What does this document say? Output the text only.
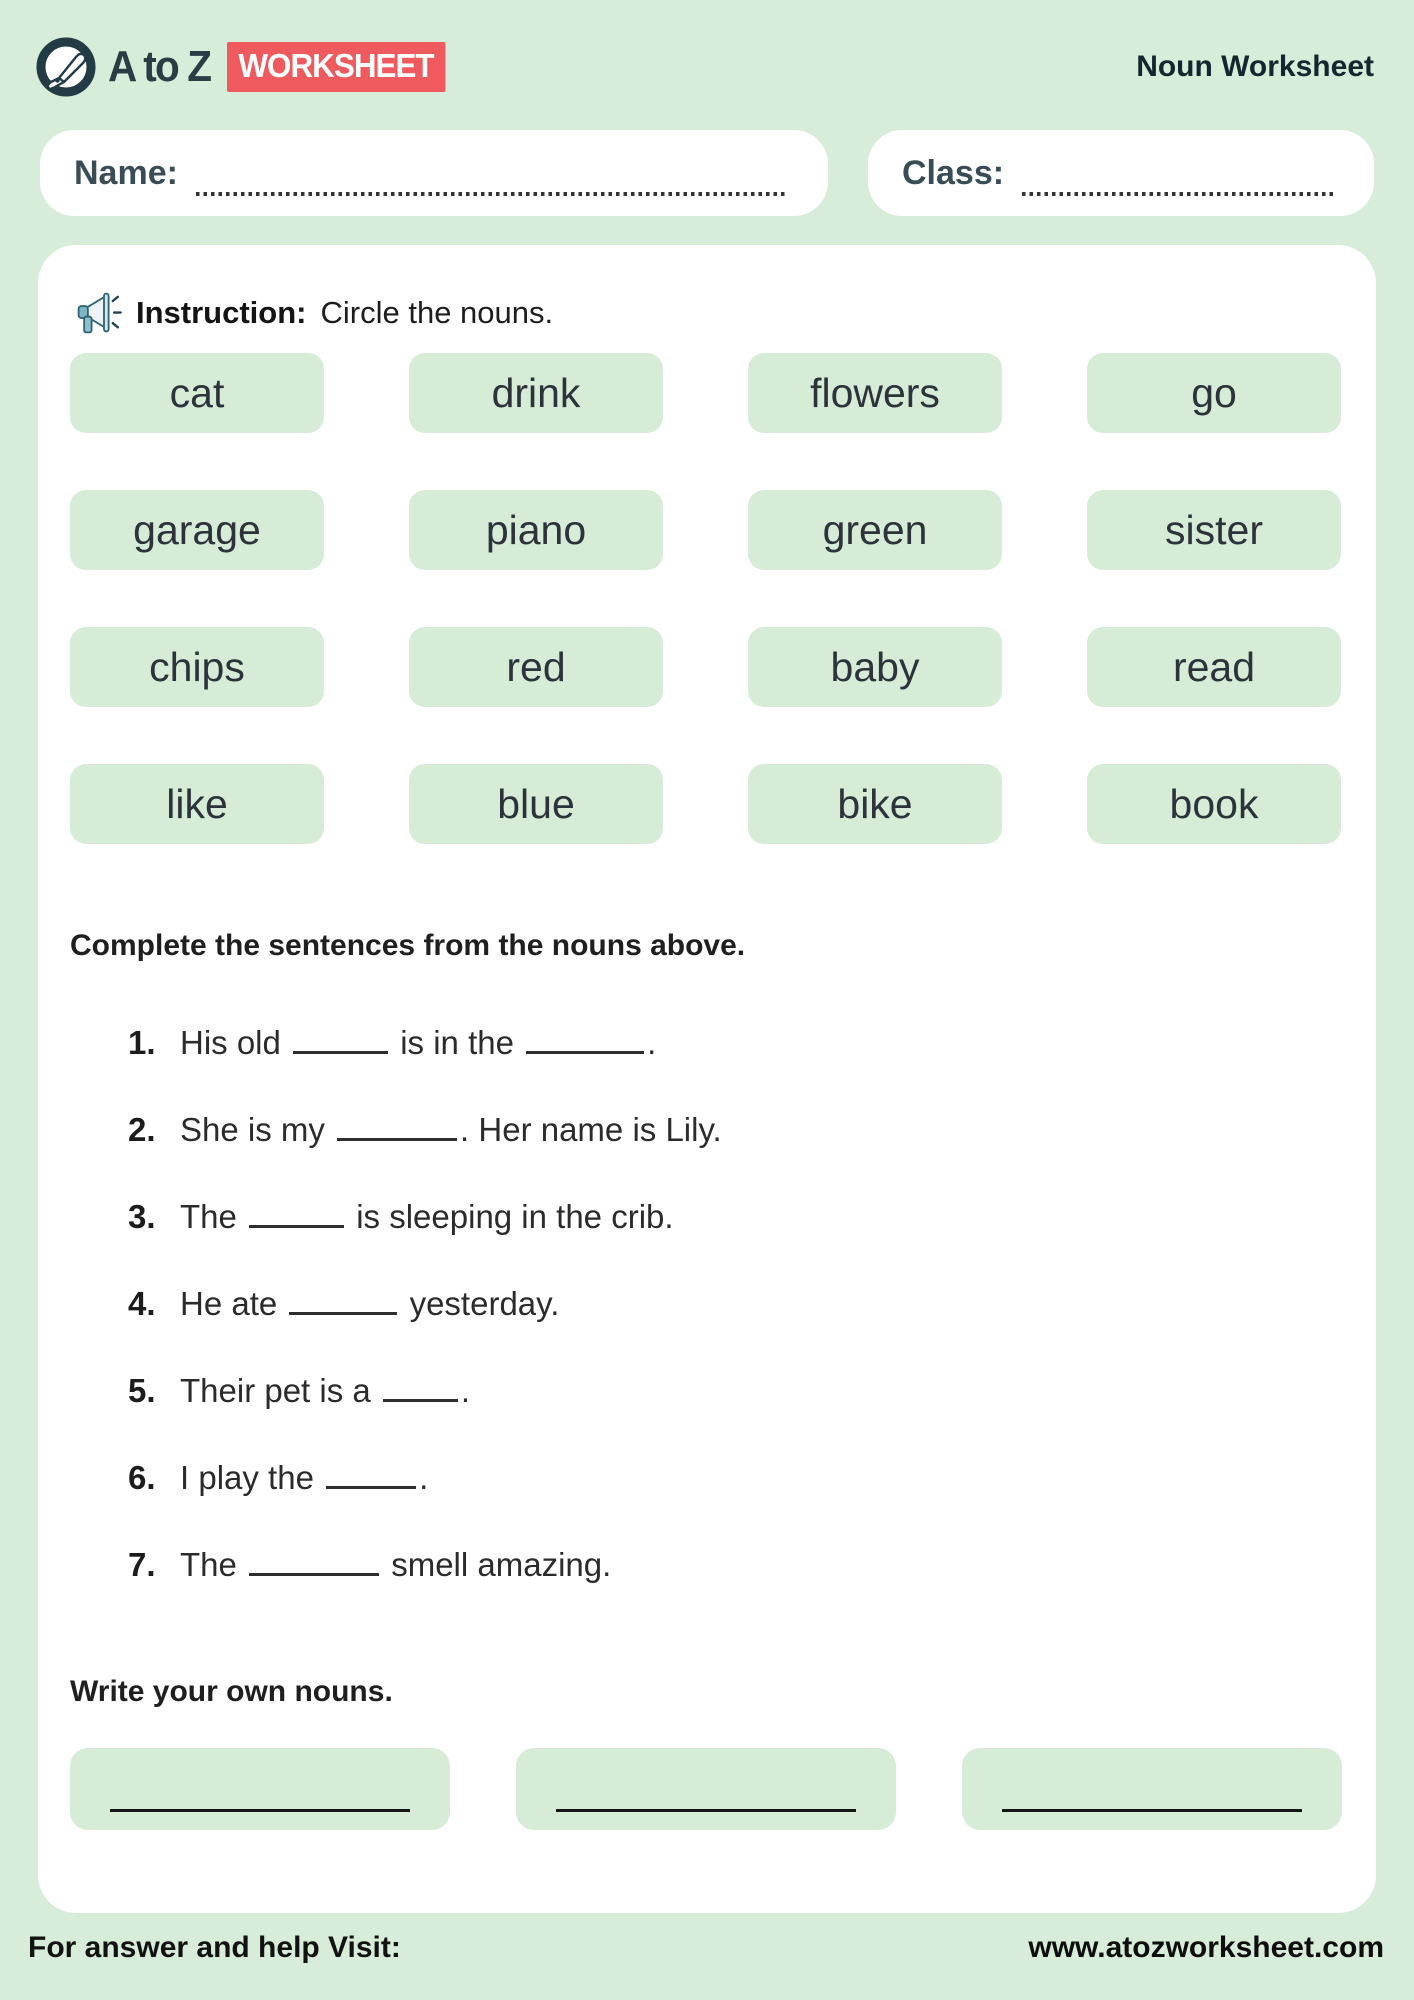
A to Z WORKSHEET	Noun Worksheet
Name:	Class:
Instruction: Circle the nouns.
cat	drink	flowers	go
garage	piano	green	sister
chips	red	baby	read
like	blue	bike	book
Complete the sentences from the nouns above.
1. His old	is in the	.
2. She is my	. Her name is Lily.
3. The	is sleeping in the crib.
4. He ate	yesterday.
5. Their pet is a .
6. I play the	.
7. The	smell amazing.
Write your own nouns.
For answer and help Visit:	www.atozworksheet.com
